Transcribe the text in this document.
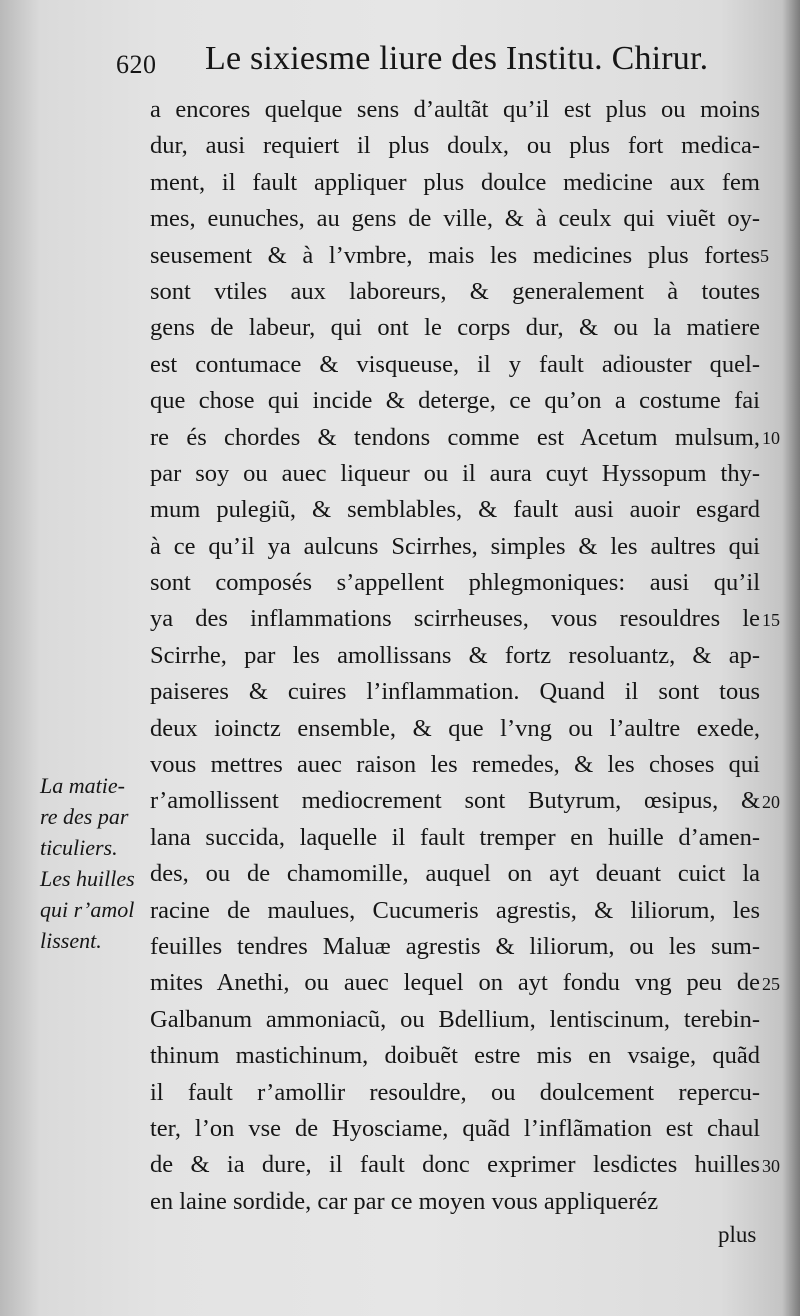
620 Le sixiesme liure des Institu. Chirur.
a encores quelque sens d’aultãt qu’il est plus ou moins
dur, ausi requiert il plus doulx, ou plus fort medica-
ment, il fault appliquer plus doulce medicine aux fem
mes, eunuches, au gens de ville, & à ceulx qui viuẽt oy-
seusement & à l’vmbre, mais les medicines plus fortes
sont vtiles aux laboreurs, & generalement à toutes
gens de labeur, qui ont le corps dur, & ou la matiere
est contumace & visqueuse, il y fault adiouster quel-
que chose qui incide & deterge, ce qu’on a costume fai
re és chordes & tendons comme est Acetum mulsum,
par soy ou auec liqueur ou il aura cuyt Hyssopum thy-
mum pulegiũ, & semblables, & fault ausi auoir esgard
à ce qu’il ya aulcuns Scirrhes, simples & les aultres qui
sont composés s’appellent phlegmoniques: ausi qu’il
ya des inflammations scirrheuses, vous resouldres le
Scirrhe, par les amollissans & fortz resoluantz, & ap-
paiseres & cuires l’inflammation. Quand il sont tous
deux ioinctz ensemble, & que l’vng ou l’aultre exede,
vous mettres auec raison les remedes, & les choses qui
r’amollissent mediocrement sont Butyrum, œsipus, &
lana succida, laquelle il fault tremper en huille d’amen-
des, ou de chamomille, auquel on ayt deuant cuict la
racine de maulues, Cucumeris agrestis, & liliorum, les
feuilles tendres Maluæ agrestis & liliorum, ou les sum-
mites Anethi, ou auec lequel on ayt fondu vng peu de
Galbanum ammoniacũ, ou Bdellium, lentiscinum, terebin-
thinum mastichinum, doibuẽt estre mis en vsaige, quãd
il fault r’amollir resouldre, ou doulcement repercu-
ter, l’on vse de Hyosciame, quãd l’inflãmation est chaul
de & ia dure, il fault donc exprimer lesdictes huilles
en laine sordide, car par ce moyen vous appliqueréz
5
10
15
20
25
30
La matie-
re des par
ticuliers.
Les huilles
qui r’amol
lissent.
plus
